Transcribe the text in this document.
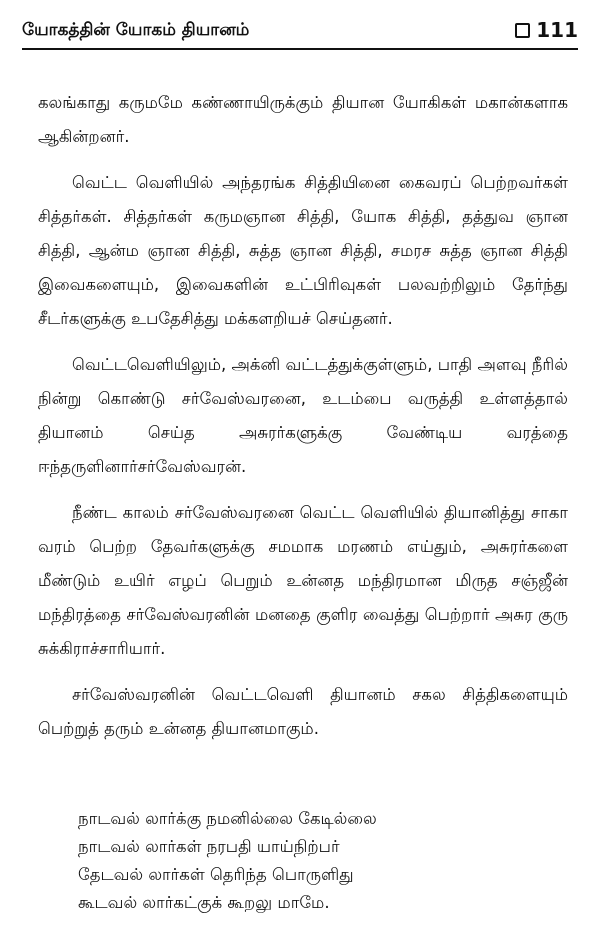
யோகத்தின் யோகம் தியானம்	111

கலங்காது கருமமே கண்ணாயிருக்கும் தியான யோகிகள் மகான்களாக ஆகின்றனர்.

வெட்ட வெளியில் அந்தரங்க சித்தியினை கைவரப் பெற்றவர்கள் சித்தர்கள். சித்தர்கள் கருமஞான சித்தி, யோக சித்தி, தத்துவ ஞான சித்தி, ஆன்ம ஞான சித்தி, சுத்த ஞான சித்தி, சமரச சுத்த ஞான சித்தி இவைகளையும், இவைகளின் உட்பிரிவுகள் பலவற்றிலும் தேர்ந்து சீடர்களுக்கு உபதேசித்து மக்களறியச் செய்தனர்.

வெட்டவெளியிலும், அக்னி வட்டத்துக்குள்ளும், பாதி அளவு நீரில் நின்று கொண்டு சர்வேஸ்வரனை, உடம்பை வருத்தி உள்ளத்தால் தியானம் செய்த அசுரர்களுக்கு வேண்டிய வரத்தை ஈந்தருளினார்சர்வேஸ்வரன்.

நீண்ட காலம் சர்வேஸ்வரனை வெட்ட வெளியில் தியானித்து சாகா வரம் பெற்ற தேவர்களுக்கு சமமாக மரணம் எய்தும், அசுரர்களை மீண்டும் உயிர் எழப் பெறும் உன்னத மந்திரமான மிருத சஞ்ஜீன் மந்திரத்தை சர்வேஸ்வரனின் மனதை குளிர வைத்து பெற்றார் அசுர குரு சுக்கிராச்சாரியார்.

சர்வேஸ்வரனின் வெட்டவெளி தியானம் சகல சித்திகளையும் பெற்றுத் தரும் உன்னத தியானமாகும்.

நாடவல் லார்க்கு நமனில்லை கேடில்லை
நாடவல் லார்கள் நரபதி யாய்நிற்பர்
தேடவல் லார்கள் தெரிந்த பொருளிது
கூடவல் லார்கட்குக் கூறலு மாமே.
